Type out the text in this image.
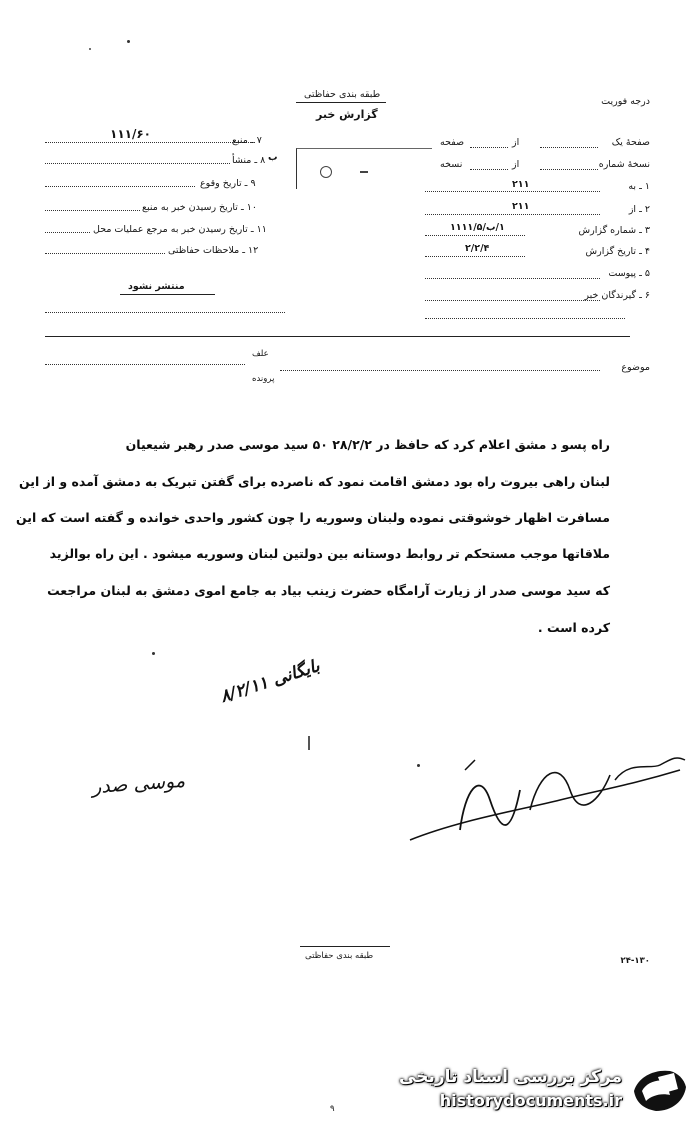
درجه فوریت
طبقه بندی حفاظتی
گزارش خبر
صفحهٔ یک
از
صفحه
نسخهٔ شماره
از
نسخه
۱ ـ به
۲۱۱
۲ ـ از
۲۱۱
۳ ـ شماره گزارش
۱/ب/۱۱۱۱/۵
۴ ـ تاریخ گزارش
۲/۲/۴
۵ ـ پیوست
۶ ـ گیرندگان خبر
۱۱۱/۶۰	۷ ـ منبع
۸ ـ منشأ ب
۹ ـ تاریخ وقوع
۱۰ ـ تاریخ رسیدن خبر به منبع
۱۱ ـ تاریخ رسیدن خبر به مرجع عملیات محل
۱۲ ـ ملاحظات حفاظتی
منتشر نشود
علف
پرونده
موضوع
راه پسو د مشق اعلام کرد که حافظ در ۲۸/۲/۲ ۵۰ سید موسی صدر رهبر شیعیان
لبنان راهی بیروت راه بود دمشق اقامت نمود که ناصرده برای گفتن تبریک به دمشق آمده و از این
مسافرت اظهار خوشوقتی نموده ولبنان وسوریه را چون کشور واحدی خوانده و گفته است که این
ملاقاتها موجب مستحکم تر روابط دوستانه بین دولتین لبنان وسوریه میشود . این راه بوالزید
که سید موسی صدر از زیارت آرامگاه حضرت زینب بیاد به جامع اموی دمشق به لبنان مراجعت
کرده است .
۸/۲/۱۱ بایگانی
موسی صدر
طبقه بندی حفاظتی	۲۴-۱۳۰
۹
مرکز بررسی اسناد تاریخی
historydocuments.ir
